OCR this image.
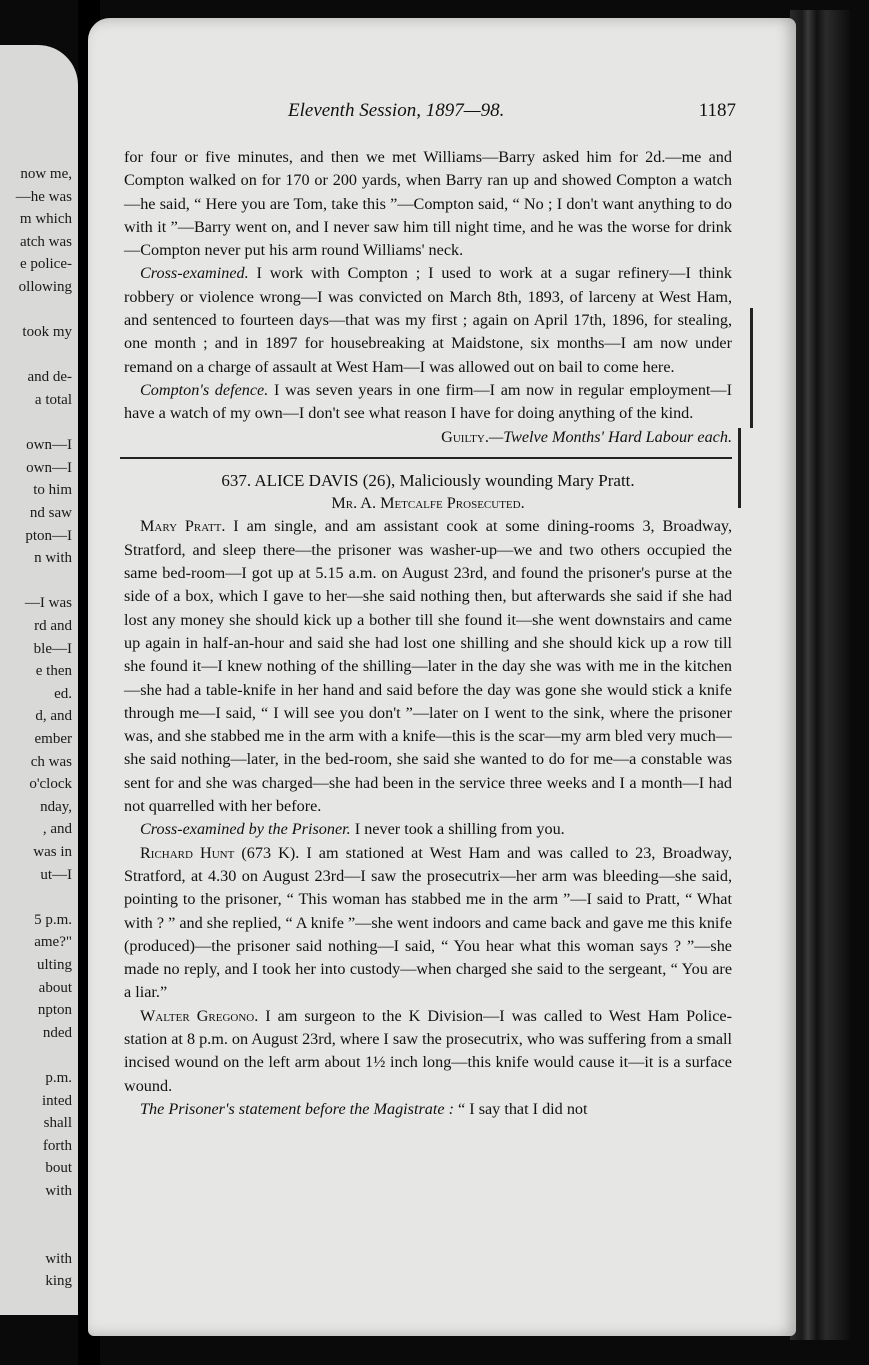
now me,
—he was
m which
atch was
e police-
ollowing
took my
and de-
a total
own—I
own—I
to him
nd saw
pton—I
n with
—I was
rd and
ble—I
e then
ed.
d, and
ember
ch was
o'clock
nday,
, and
was in
ut—I
5 p.m.
ame?"
ulting
about
npton
nded
p.m.
inted
shall
forth
bout
with
with
king
Eleventh Session, 1897—98.	1187

for four or five minutes, and then we met Williams—Barry asked him for 2d.—me and Compton walked on for 170 or 200 yards, when Barry ran up and showed Compton a watch—he said, “ Here you are Tom, take this ”—Compton said, “ No ; I don't want anything to do with it ”—Barry went on, and I never saw him till night time, and he was the worse for drink—Compton never put his arm round Williams' neck.

Cross-examined. I work with Compton ; I used to work at a sugar refinery—I think robbery or violence wrong—I was convicted on March 8th, 1893, of larceny at West Ham, and sentenced to fourteen days—that was my first ; again on April 17th, 1896, for stealing, one month ; and in 1897 for housebreaking at Maidstone, six months—I am now under remand on a charge of assault at West Ham—I was allowed out on bail to come here.

Compton's defence. I was seven years in one firm—I am now in regular employment—I have a watch of my own—I don't see what reason I have for doing anything of the kind.

Guilty.—Twelve Months' Hard Labour each.

637. ALICE DAVIS (26), Maliciously wounding Mary Pratt.

Mr. A. Metcalfe Prosecuted.

Mary Pratt. I am single, and am assistant cook at some dining-rooms 3, Broadway, Stratford, and sleep there—the prisoner was washer-up—we and two others occupied the same bed-room—I got up at 5.15 a.m. on August 23rd, and found the prisoner's purse at the side of a box, which I gave to her—she said nothing then, but afterwards she said if she had lost any money she should kick up a bother till she found it—she went downstairs and came up again in half-an-hour and said she had lost one shilling and she should kick up a row till she found it—I knew nothing of the shilling—later in the day she was with me in the kitchen—she had a table-knife in her hand and said before the day was gone she would stick a knife through me—I said, “ I will see you don't ”—later on I went to the sink, where the prisoner was, and she stabbed me in the arm with a knife—this is the scar—my arm bled very much—she said nothing—later, in the bed-room, she said she wanted to do for me—a constable was sent for and she was charged—she had been in the service three weeks and I a month—I had not quarrelled with her before.

Cross-examined by the Prisoner. I never took a shilling from you.

Richard Hunt (673 K). I am stationed at West Ham and was called to 23, Broadway, Stratford, at 4.30 on August 23rd—I saw the prosecutrix—her arm was bleeding—she said, pointing to the prisoner, “ This woman has stabbed me in the arm ”—I said to Pratt, “ What with ? ” and she replied, “ A knife ”—she went indoors and came back and gave me this knife (produced)—the prisoner said nothing—I said, “ You hear what this woman says ? ”—she made no reply, and I took her into custody—when charged she said to the sergeant, “ You are a liar.”

Walter Gregono. I am surgeon to the K Division—I was called to West Ham Police-station at 8 p.m. on August 23rd, where I saw the prosecutrix, who was suffering from a small incised wound on the left arm about 1½ inch long—this knife would cause it—it is a surface wound.

The Prisoner's statement before the Magistrate : “ I say that I did not
